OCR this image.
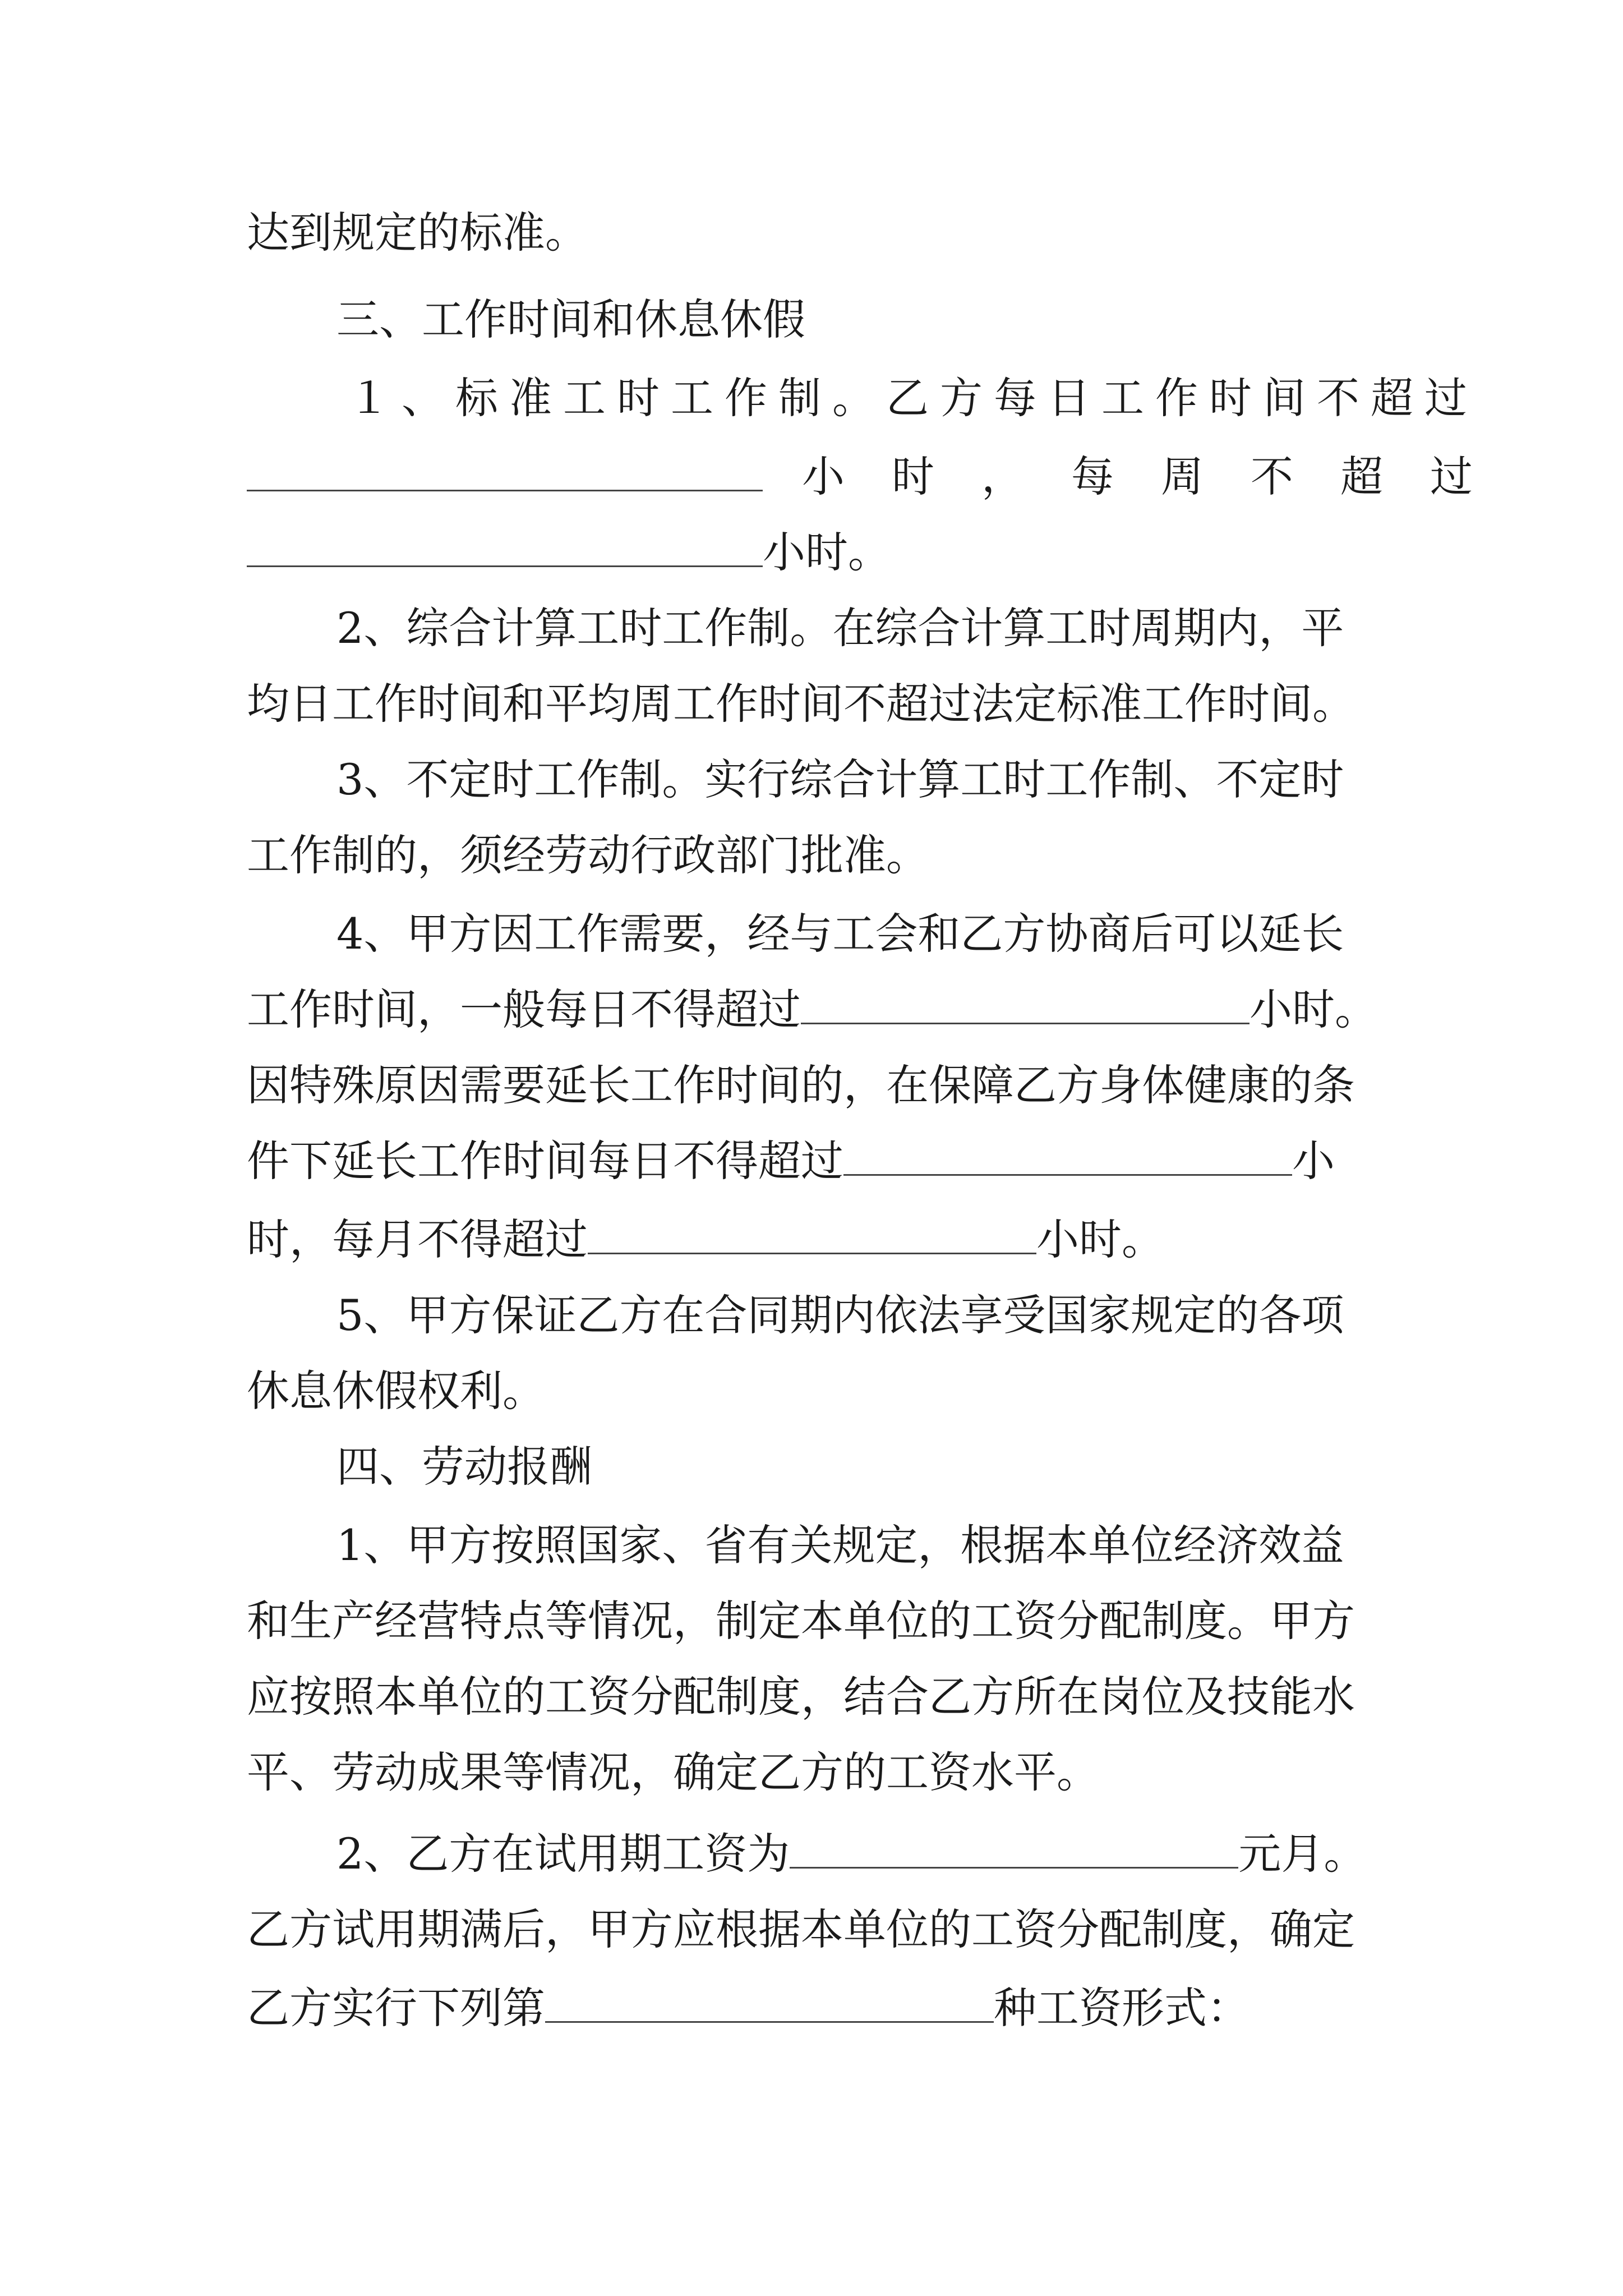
达到规定的标准。
三、工作时间和休息休假
１、标准工时工作制。乙方每日工作时间不超过
小时，每周不超过
小时。
2、综合计算工时工作制。在综合计算工时周期内，平
均日工作时间和平均周工作时间不超过法定标准工作时间。
3、不定时工作制。实行综合计算工时工作制、不定时
工作制的，须经劳动行政部门批准。
4、甲方因工作需要，经与工会和乙方协商后可以延长
工作时间，一般每日不得超过	小时。
因特殊原因需要延长工作时间的，在保障乙方身体健康的条
件下延长工作时间每日不得超过	小
时，每月不得超过	小时。
5、甲方保证乙方在合同期内依法享受国家规定的各项
休息休假权利。
四、劳动报酬
1、甲方按照国家、省有关规定，根据本单位经济效益
和生产经营特点等情况，制定本单位的工资分配制度。甲方
应按照本单位的工资分配制度，结合乙方所在岗位及技能水
平、劳动成果等情况，确定乙方的工资水平。
2、乙方在试用期工资为	元月。
乙方试用期满后，甲方应根据本单位的工资分配制度，确定
乙方实行下列第	种工资形式：
